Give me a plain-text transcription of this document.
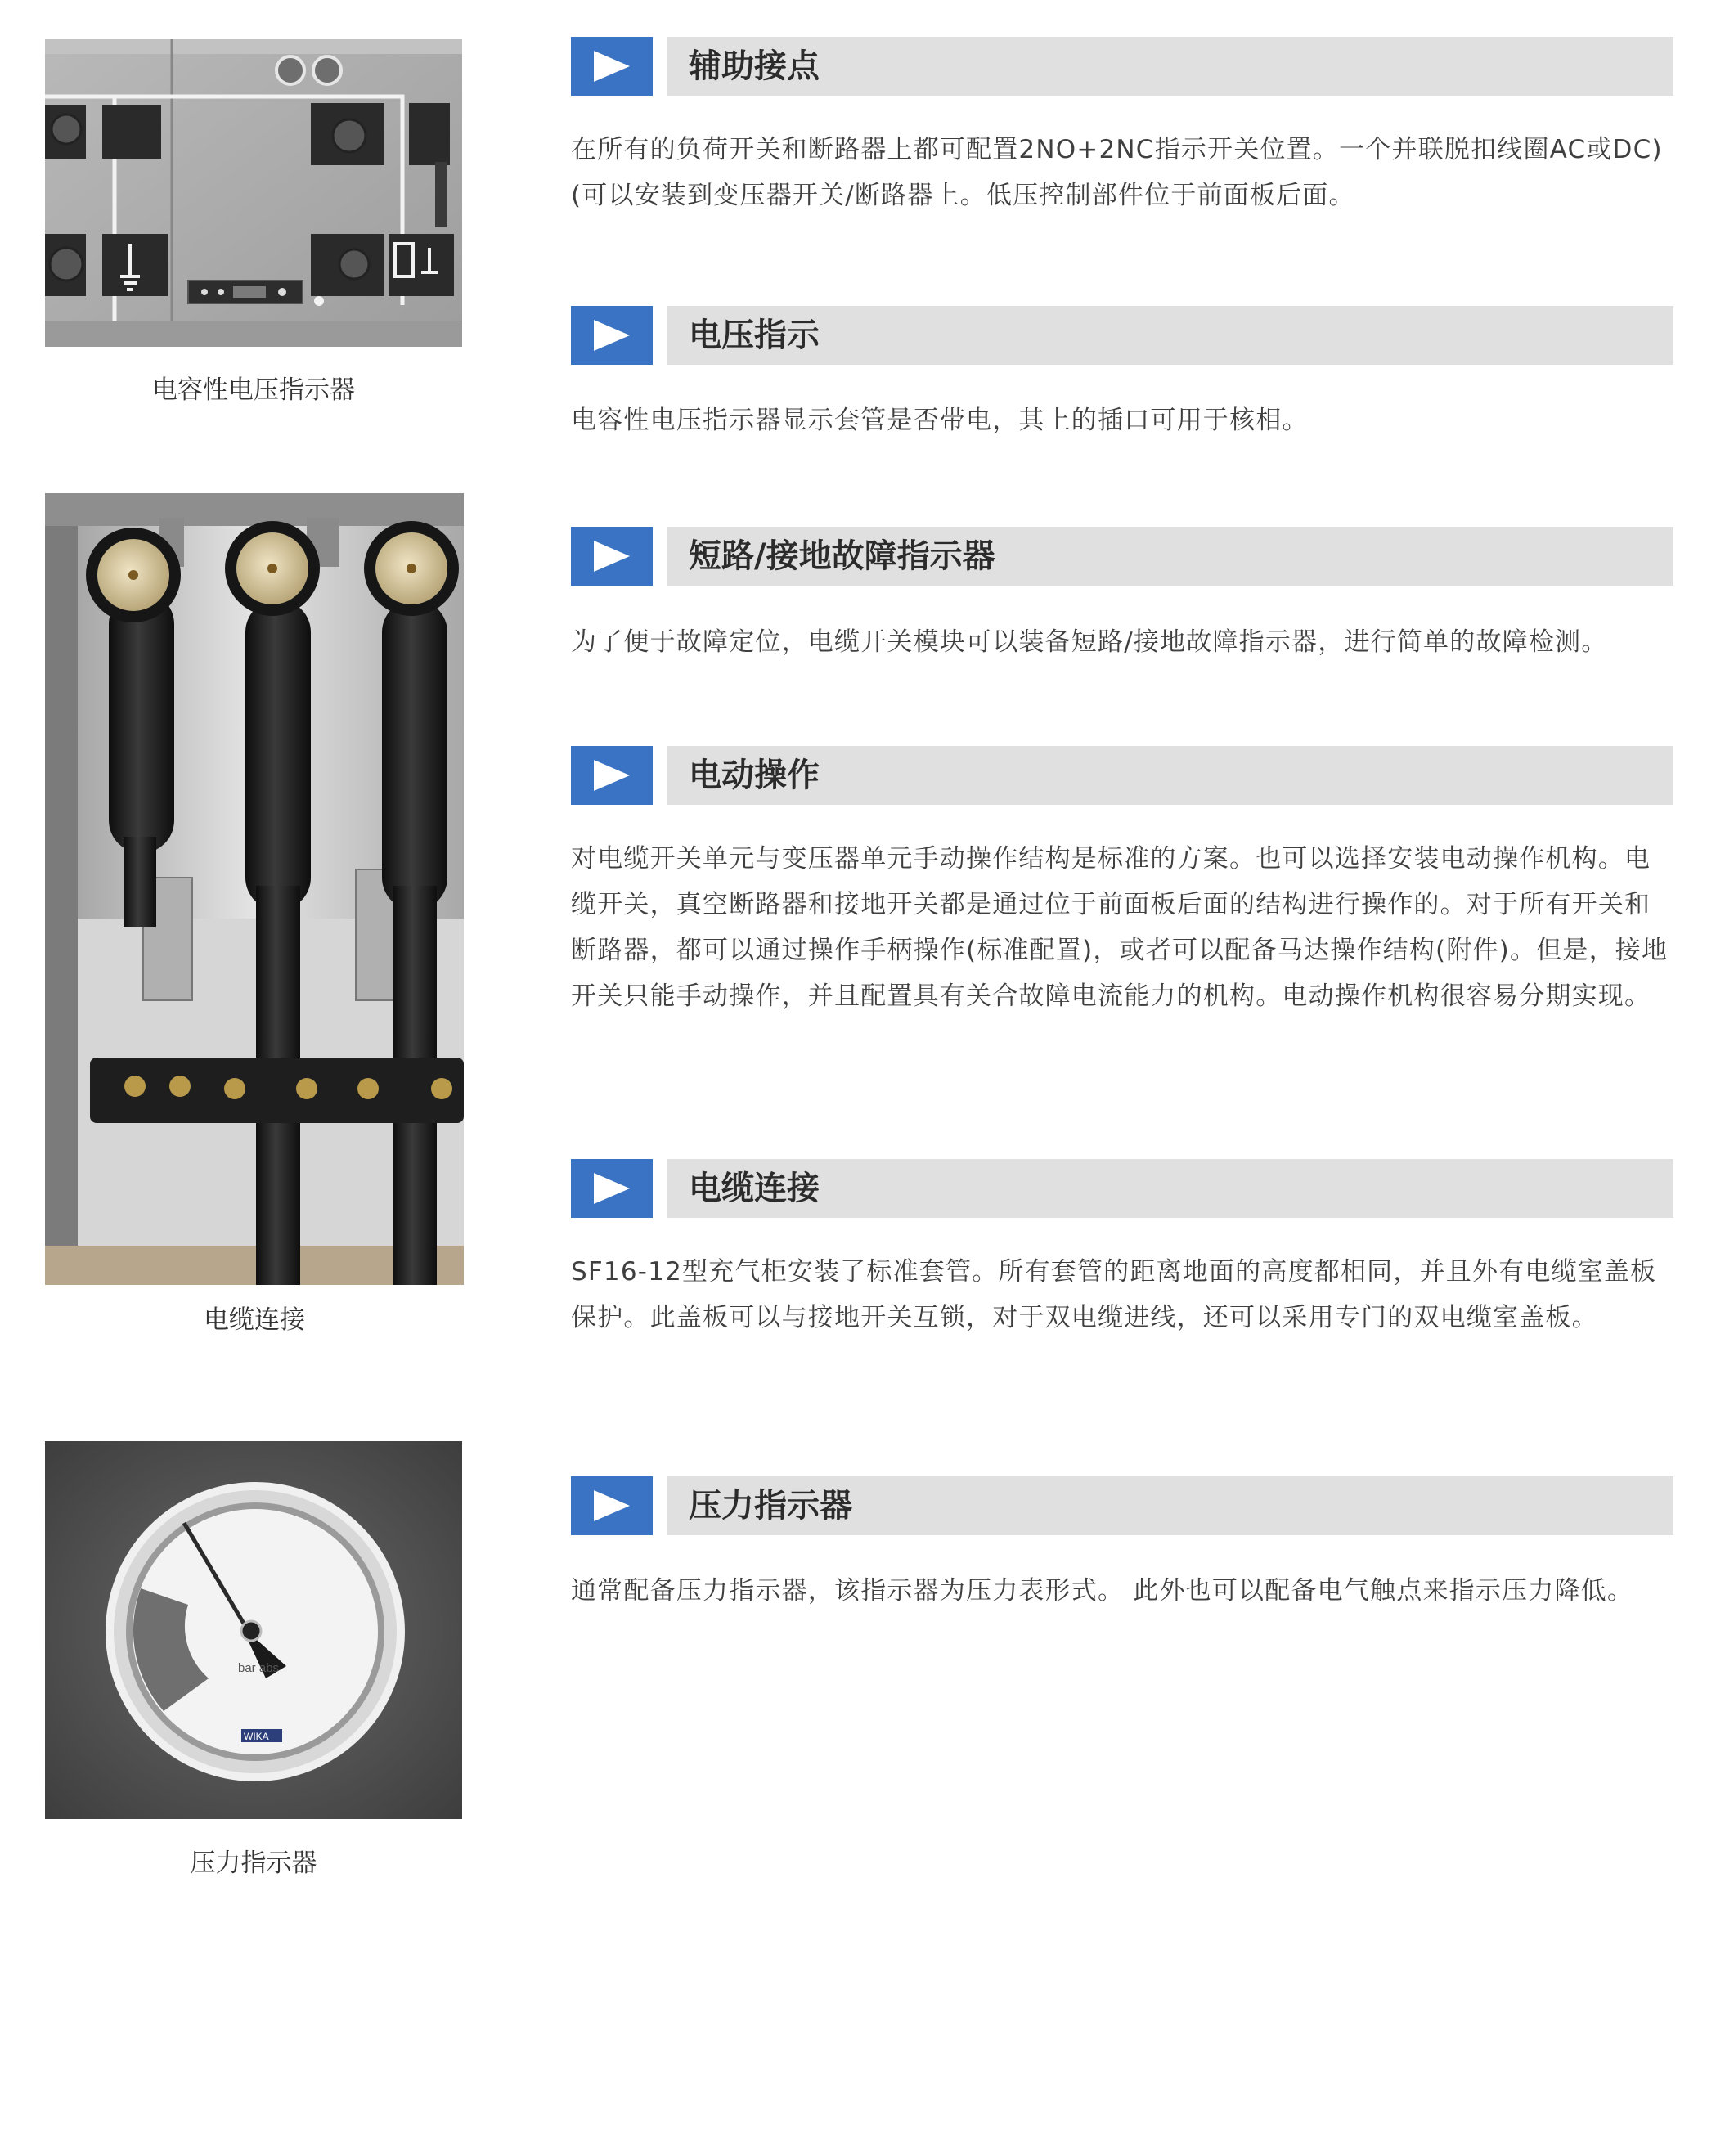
电容性电压指示器
电缆连接
bar abs
WIKA
压力指示器
辅助接点
在所有的负荷开关和断路器上都可配置2NO+2NC指示开关位置。一个并联脱扣线圈AC或DC)(可以安装到变压器开关/断路器上。低压控制部件位于前面板后面。
电压指示
电容性电压指示器显示套管是否带电，其上的插口可用于核相。
短路/接地故障指示器
为了便于故障定位，电缆开关模块可以装备短路/接地故障指示器，进行简单的故障检测。
电动操作
对电缆开关单元与变压器单元手动操作结构是标准的方案。也可以选择安装电动操作机构。电缆开关，真空断路器和接地开关都是通过位于前面板后面的结构进行操作的。对于所有开关和断路器，都可以通过操作手柄操作(标准配置)，或者可以配备马达操作结构(附件)。但是，接地开关只能手动操作，并且配置具有关合故障电流能力的机构。电动操作机构很容易分期实现。
电缆连接
SF16-12型充气柜安装了标准套管。所有套管的距离地面的高度都相同，并且外有电缆室盖板保护。此盖板可以与接地开关互锁，对于双电缆进线，还可以采用专门的双电缆室盖板。
压力指示器
通常配备压力指示器，该指示器为压力表形式。 此外也可以配备电气触点来指示压力降低。
